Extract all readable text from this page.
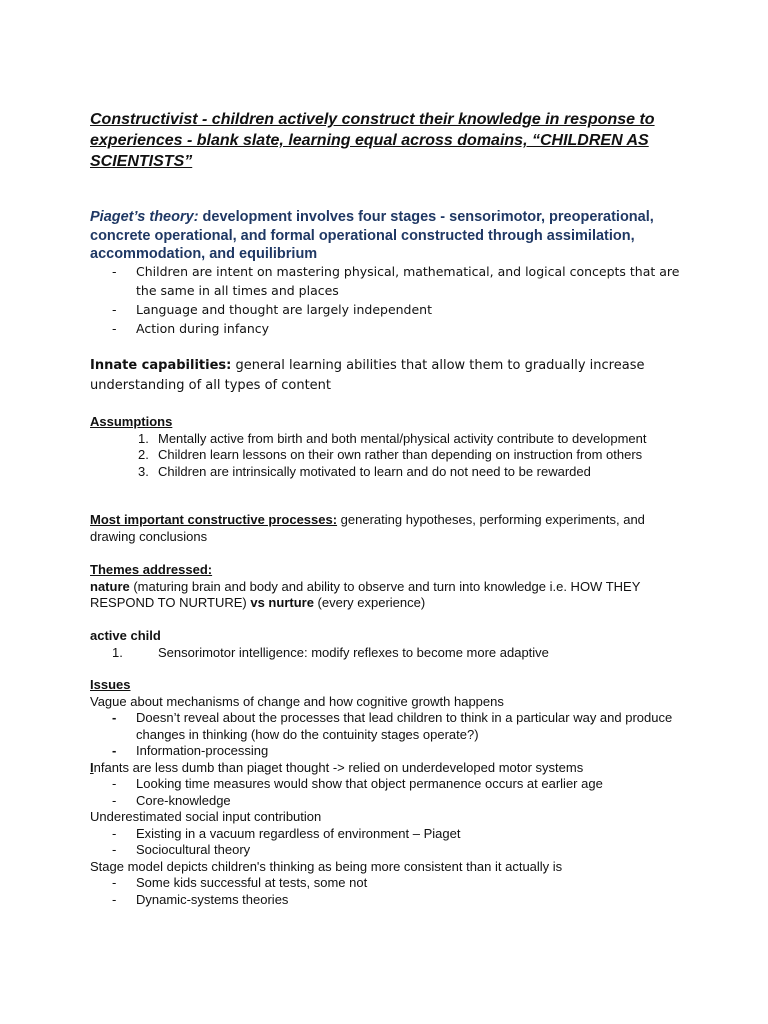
Constructivist - children actively construct their knowledge in response to experiences - blank slate, learning equal across domains, “CHILDREN AS SCIENTISTS”
Piaget’s theory: development involves four stages - sensorimotor, preoperational, concrete operational, and formal operational constructed through assimilation, accommodation, and equilibrium
- Children are intent on mastering physical, mathematical, and logical concepts that are the same in all times and places
- Language and thought are largely independent
- Action during infancy
Innate capabilities: general learning abilities that allow them to gradually increase understanding of all types of content
Assumptions
1. Mentally active from birth and both mental/physical activity contribute to development
2. Children learn lessons on their own rather than depending on instruction from others
3. Children are intrinsically motivated to learn and do not need to be rewarded
Most important constructive processes: generating hypotheses, performing experiments, and drawing conclusions
Themes addressed:
nature (maturing brain and body and ability to observe and turn into knowledge i.e. HOW THEY RESPOND TO NURTURE) vs nurture (every experience)
active child
1.	Sensorimotor intelligence: modify reflexes to become more adaptive
Issues
Vague about mechanisms of change and how cognitive growth happens
- Doesn’t reveal about the processes that lead children to think in a particular way and produce changes in thinking (how do the contuinity stages operate?)
- Information-processing
Infants are less dumb than piaget thought -> relied on underdeveloped motor systems
- Looking time measures would show that object permanence occurs at earlier age
- Core-knowledge
Underestimated social input contribution
- Existing in a vacuum regardless of environment – Piaget
- Sociocultural theory
Stage model depicts children's thinking as being more consistent than it actually is
- Some kids successful at tests, some not
- Dynamic-systems theories
